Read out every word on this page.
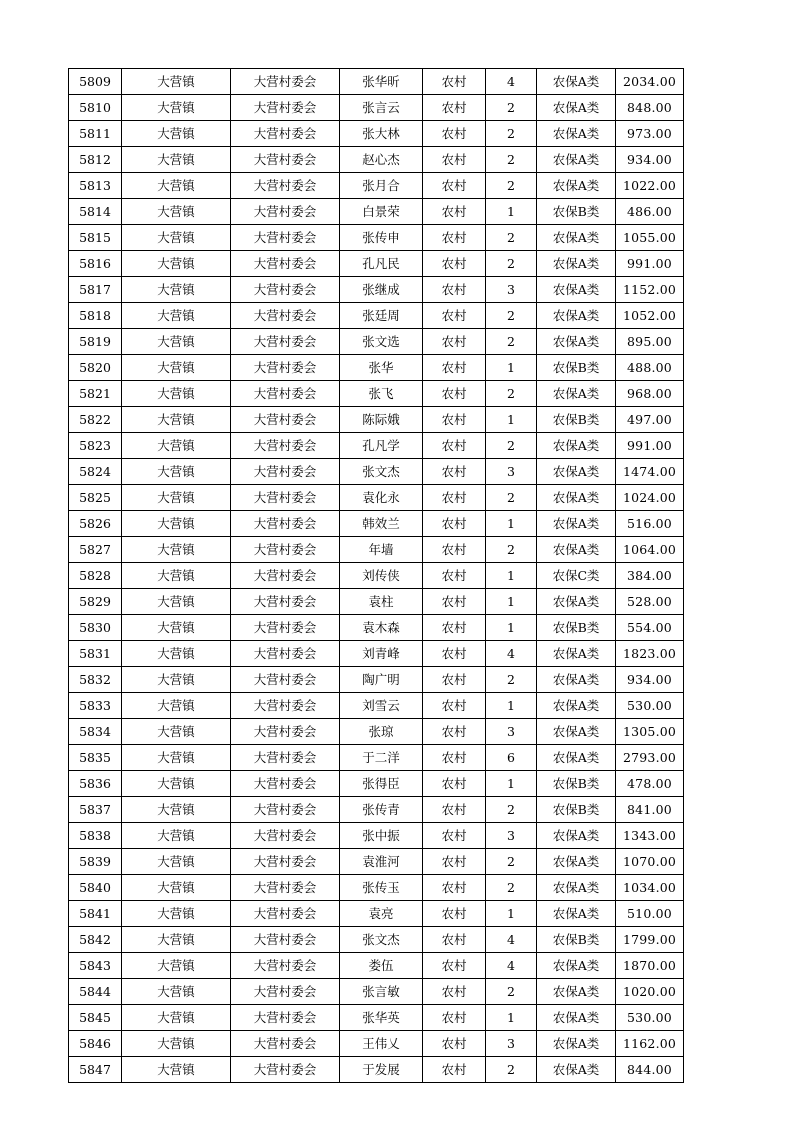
5809	大营镇	大营村委会	张华昕	农村	4	农保A类	2034.00
5810	大营镇	大营村委会	张言云	农村	2	农保A类	848.00
5811	大营镇	大营村委会	张大林	农村	2	农保A类	973.00
5812	大营镇	大营村委会	赵心杰	农村	2	农保A类	934.00
5813	大营镇	大营村委会	张月合	农村	2	农保A类	1022.00
5814	大营镇	大营村委会	白景荣	农村	1	农保B类	486.00
5815	大营镇	大营村委会	张传申	农村	2	农保A类	1055.00
5816	大营镇	大营村委会	孔凡民	农村	2	农保A类	991.00
5817	大营镇	大营村委会	张继成	农村	3	农保A类	1152.00
5818	大营镇	大营村委会	张廷周	农村	2	农保A类	1052.00
5819	大营镇	大营村委会	张文选	农村	2	农保A类	895.00
5820	大营镇	大营村委会	张华	农村	1	农保B类	488.00
5821	大营镇	大营村委会	张飞	农村	2	农保A类	968.00
5822	大营镇	大营村委会	陈际娥	农村	1	农保B类	497.00
5823	大营镇	大营村委会	孔凡学	农村	2	农保A类	991.00
5824	大营镇	大营村委会	张文杰	农村	3	农保A类	1474.00
5825	大营镇	大营村委会	袁化永	农村	2	农保A类	1024.00
5826	大营镇	大营村委会	韩效兰	农村	1	农保A类	516.00
5827	大营镇	大营村委会	年墙	农村	2	农保A类	1064.00
5828	大营镇	大营村委会	刘传侠	农村	1	农保C类	384.00
5829	大营镇	大营村委会	袁柱	农村	1	农保A类	528.00
5830	大营镇	大营村委会	袁木森	农村	1	农保B类	554.00
5831	大营镇	大营村委会	刘青峰	农村	4	农保A类	1823.00
5832	大营镇	大营村委会	陶广明	农村	2	农保A类	934.00
5833	大营镇	大营村委会	刘雪云	农村	1	农保A类	530.00
5834	大营镇	大营村委会	张琼	农村	3	农保A类	1305.00
5835	大营镇	大营村委会	于二洋	农村	6	农保A类	2793.00
5836	大营镇	大营村委会	张得臣	农村	1	农保B类	478.00
5837	大营镇	大营村委会	张传青	农村	2	农保B类	841.00
5838	大营镇	大营村委会	张中振	农村	3	农保A类	1343.00
5839	大营镇	大营村委会	袁淮河	农村	2	农保A类	1070.00
5840	大营镇	大营村委会	张传玉	农村	2	农保A类	1034.00
5841	大营镇	大营村委会	袁亮	农村	1	农保A类	510.00
5842	大营镇	大营村委会	张文杰	农村	4	农保B类	1799.00
5843	大营镇	大营村委会	娄伍	农村	4	农保A类	1870.00
5844	大营镇	大营村委会	张言敏	农村	2	农保A类	1020.00
5845	大营镇	大营村委会	张华英	农村	1	农保A类	530.00
5846	大营镇	大营村委会	王伟乂	农村	3	农保A类	1162.00
5847	大营镇	大营村委会	于发展	农村	2	农保A类	844.00
